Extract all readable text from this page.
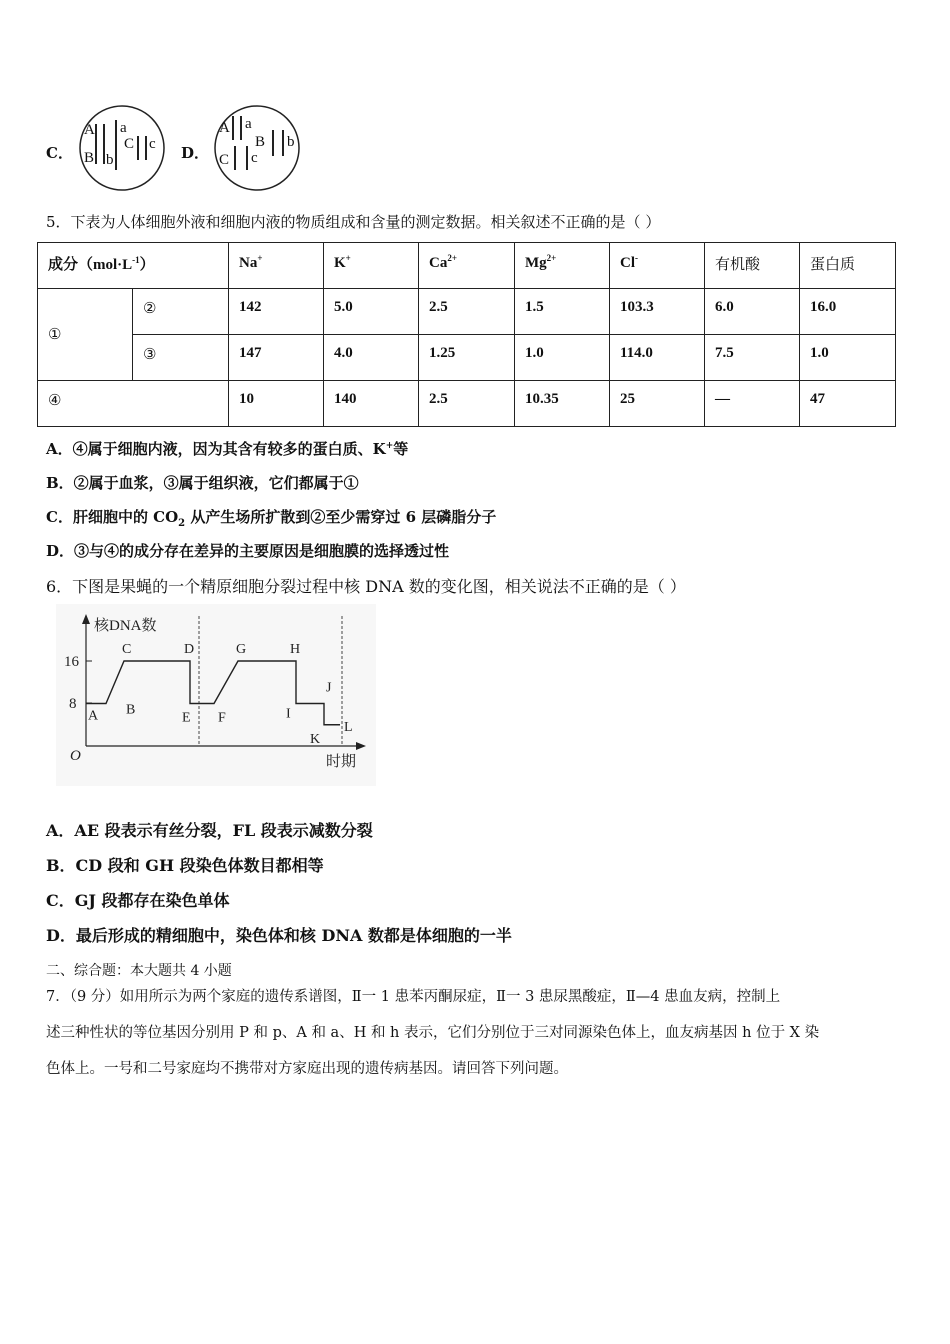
C．
A a
B b
C c D．
A a
B b
C c
5．下表为人体细胞外液和细胞内液的物质组成和含量的测定数据。相关叙述不正确的是（ ）
成分$(mol\cdot L^{-1})$		Na+	K+	$Ca^{2+}$	$Mg^{2+}$	Cl-	有机酸	蛋白质
①	②	142	5.0	2.5	1.5	103.3	6.0	16.0
	③	147	4.0	1.25	1.0	114.0	7.5	1.0
④		10	140	2.5	10.35	25	—	47
A．④属于细胞内液，因为其含有较多的蛋白质、K+等
B．②属于血浆，③属于组织液，它们都属于①
C．肝细胞中的 $CO_2$ 从产生场所扩散到②至少需穿过 6 层磷脂分子
D．③与④的成分存在差异的主要原因是细胞膜的选择透过性
6．下图是果蝇的一个精原细胞分裂过程中核 DNA 数的变化图，相关说法不正确的是（ ）
核DNA数
16
8
O	时期
A B
C	D
E F
G	H
I
J
K
L
A．AE 段表示有丝分裂，FL 段表示减数分裂
B．CD 段和 GH 段染色体数目都相等
C．GJ 段都存在染色单体
D．最后形成的精细胞中，染色体和核 DNA 数都是体细胞的一半
二、综合题：本大题共 4 小题
7．（9 分）如用所示为两个家庭的遗传系谱图，Ⅱ一 1 患苯丙酮尿症，Ⅱ一 3 患尿黑酸症，Ⅱ—4 患血友病，控制上
述三种性状的等位基因分别用 P 和 p、A 和 a、H 和 h 表示，它们分别位于三对同源染色体上，血友病基因 h 位于 X 染
色体上。一号和二号家庭均不携带对方家庭出现的遗传病基因。请回答下列问题。
